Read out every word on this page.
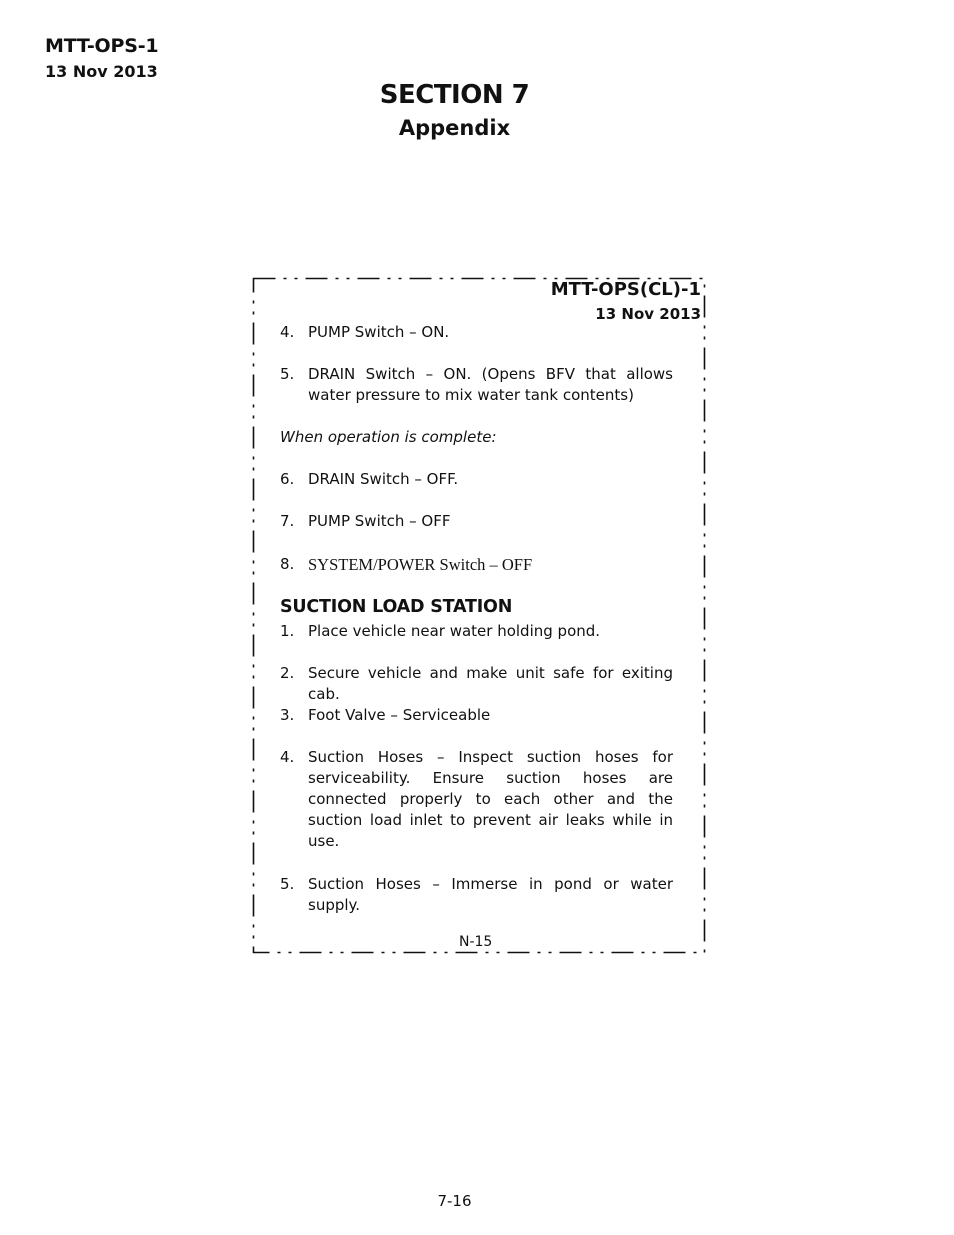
MTT-OPS-1
13 Nov 2013
SECTION 7
Appendix
MTT-OPS(CL)-1
13 Nov 2013
4. PUMP Switch – ON.
5. DRAIN Switch – ON. (Opens BFV that allows water pressure to mix water tank contents)
When operation is complete:
6. DRAIN Switch – OFF.
7. PUMP Switch – OFF
8. SYSTEM/POWER Switch – OFF
SUCTION LOAD STATION
1. Place vehicle near water holding pond.
2. Secure vehicle and make unit safe for exiting cab.
3. Foot Valve – Serviceable
4. Suction Hoses – Inspect suction hoses for serviceability. Ensure suction hoses are connected properly to each other and the suction load inlet to prevent air leaks while in use.
5. Suction Hoses – Immerse in pond or water supply.
N-15
7-16
